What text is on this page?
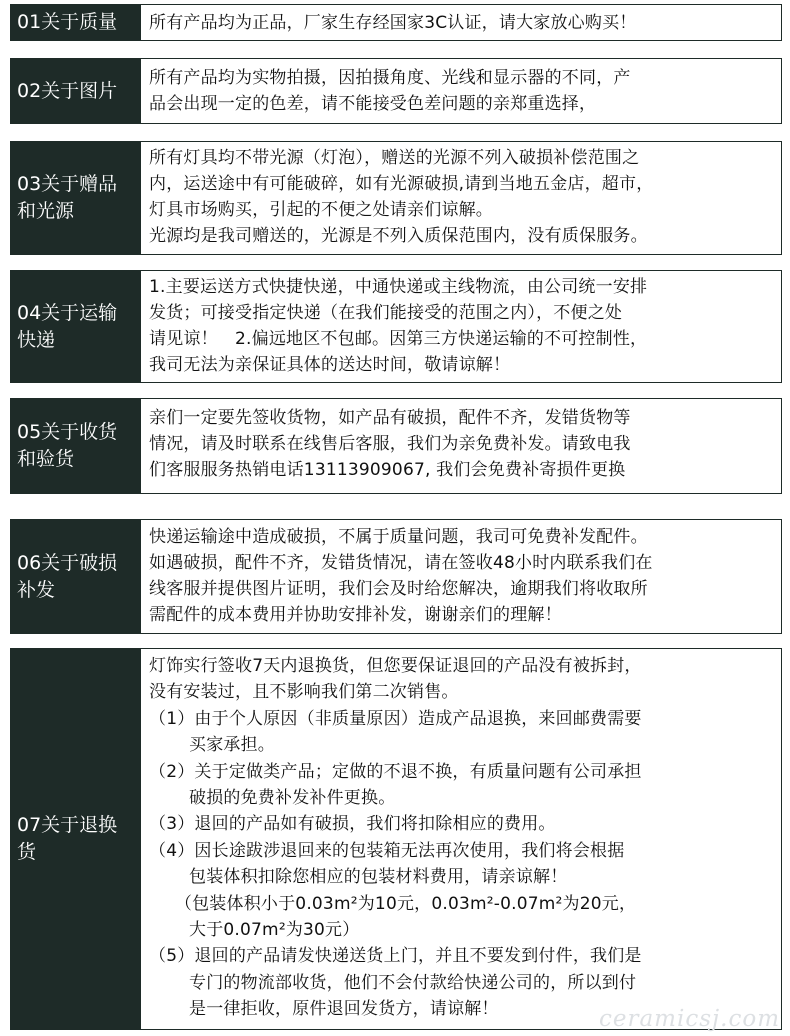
01关于质量 所有产品均为正品，厂家生存经国家3C认证，请大家放心购买！
02关于图片
所有产品均为实物拍摄，因拍摄角度、光线和显示器的不同，产
品会出现一定的色差，请不能接受色差问题的亲郑重选择，
03关于赠品
和光源
所有灯具均不带光源（灯泡），赠送的光源不列入破损补偿范围之
内，运送途中有可能破碎，如有光源破损,请到当地五金店，超市，
灯具市场购买，引起的不便之处请亲们谅解。
光源均是我司赠送的，光源是不列入质保范围内，没有质保服务。
04关于运输
快递
1.主要运送方式快捷快递，中通快递或主线物流，由公司统一安排
发货；可接受指定快递（在我们能接受的范围之内），不便之处
请见谅！　2.偏远地区不包邮。因第三方快递运输的不可控制性，
我司无法为亲保证具体的送达时间，敬请谅解！
05关于收货
和验货
亲们一定要先签收货物，如产品有破损，配件不齐，发错货物等
情况，请及时联系在线售后客服，我们为亲免费补发。请致电我
们客服服务热销电话13113909067, 我们会免费补寄损件更换
06关于破损
补发
快递运输途中造成破损，不属于质量问题，我司可免费补发配件。
如遇破损，配件不齐，发错货情况，请在签收48小时内联系我们在
线客服并提供图片证明，我们会及时给您解决，逾期我们将收取所
需配件的成本费用并协助安排补发，谢谢亲们的理解！
07关于退换
货
灯饰实行签收7天内退换货，但您要保证退回的产品没有被拆封，
没有安装过，且不影响我们第二次销售。
（1）由于个人原因（非质量原因）造成产品退换，来回邮费需要
　　 买家承担。
（2）关于定做类产品；定做的不退不换，有质量问题有公司承担
　　 破损的免费补发补件更换。
（3）退回的产品如有破损，我们将扣除相应的费用。
（4）因长途跋涉退回来的包装箱无法再次使用，我们将会根据
　　 包装体积扣除您相应的包装材料费用，请亲谅解！
　　（包装体积小于0.03m²为10元，0.03m²-0.07m²为20元，
　　 大于0.07m²为30元）
（5）退回的产品请发快递送货上门，并且不要发到付件，我们是
　　 专门的物流部收货，他们不会付款给快递公司的，所以到付
　　 是一律拒收，原件退回发货方，请谅解！	ceramicsj.com
